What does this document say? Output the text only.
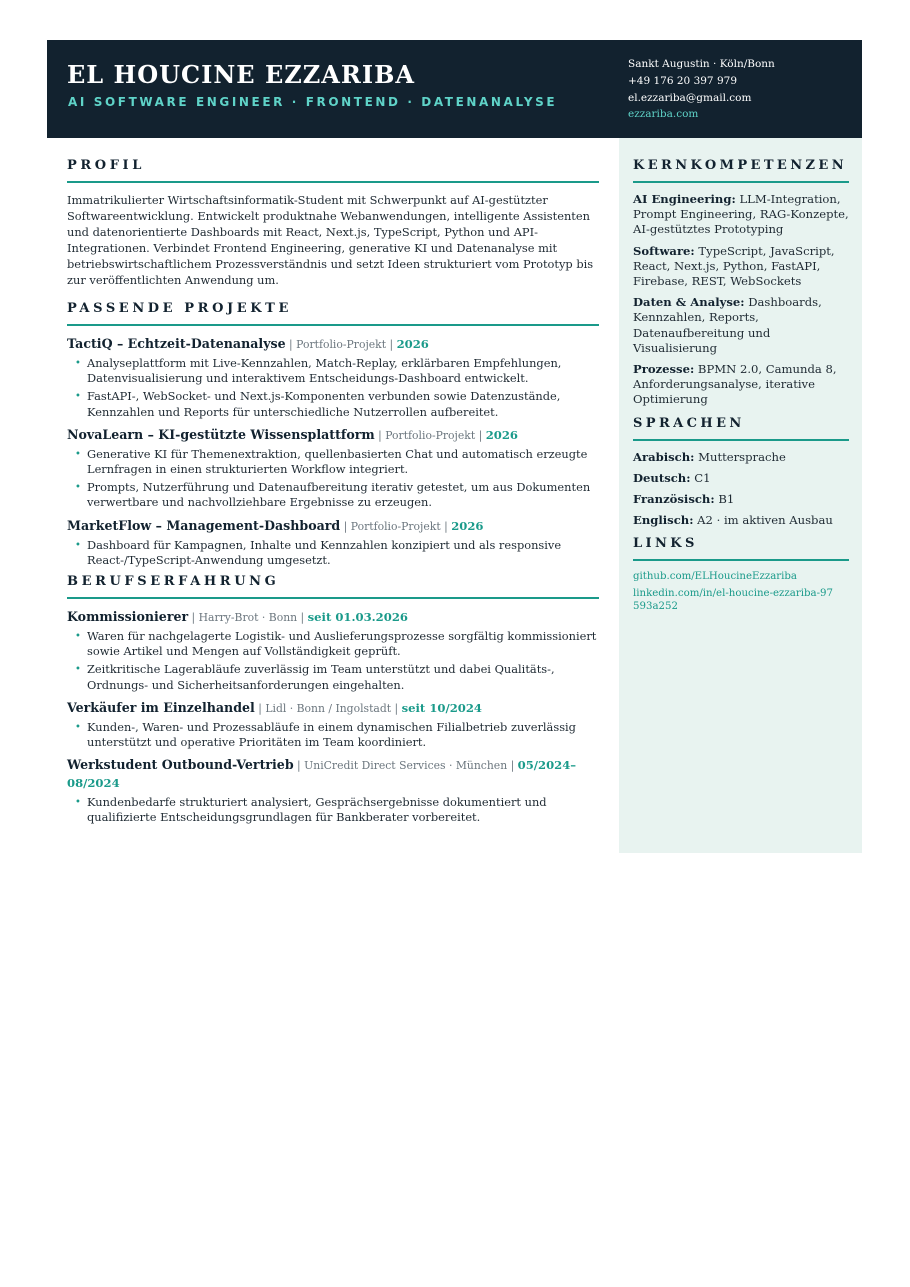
EL HOUCINE EZZARIBA
AI SOFTWARE ENGINEER · FRONTEND · DATENANALYSE
Sankt Augustin · Köln/Bonn
+49 176 20 397 979
el.ezzariba@gmail.com
ezzariba.com
PROFIL
Immatrikulierter Wirtschaftsinformatik-Student mit Schwerpunkt auf AI-gestützter Softwareentwicklung. Entwickelt produktnahe Webanwendungen, intelligente Assistenten und datenorientierte Dashboards mit React, Next.js, TypeScript, Python und API-Integrationen. Verbindet Frontend Engineering, generative KI und Datenanalyse mit betriebswirtschaftlichem Prozessverständnis und setzt Ideen strukturiert vom Prototyp bis zur veröffentlichten Anwendung um.
PASSENDE PROJEKTE
TactiQ – Echtzeit-Datenanalyse | Portfolio-Projekt | 2026
• Analyseplattform mit Live-Kennzahlen, Match-Replay, erklärbaren Empfehlungen, Datenvisualisierung und interaktivem Entscheidungs-Dashboard entwickelt.
• FastAPI-, WebSocket- und Next.js-Komponenten verbunden sowie Datenzustände, Kennzahlen und Reports für unterschiedliche Nutzerrollen aufbereitet.
NovaLearn – KI-gestützte Wissensplattform | Portfolio-Projekt | 2026
• Generative KI für Themenextraktion, quellenbasierten Chat und automatisch erzeugte Lernfragen in einen strukturierten Workflow integriert.
• Prompts, Nutzerführung und Datenaufbereitung iterativ getestet, um aus Dokumenten verwertbare und nachvollziehbare Ergebnisse zu erzeugen.
MarketFlow – Management-Dashboard | Portfolio-Projekt | 2026
• Dashboard für Kampagnen, Inhalte und Kennzahlen konzipiert und als responsive React-/TypeScript-Anwendung umgesetzt.
BERUFSERFAHRUNG
Kommissionierer | Harry-Brot · Bonn | seit 01.03.2026
• Waren für nachgelagerte Logistik- und Auslieferungsprozesse sorgfältig kommissioniert sowie Artikel und Mengen auf Vollständigkeit geprüft.
• Zeitkritische Lagerabläufe zuverlässig im Team unterstützt und dabei Qualitäts-, Ordnungs- und Sicherheitsanforderungen eingehalten.
Verkäufer im Einzelhandel | Lidl · Bonn / Ingolstadt | seit 10/2024
• Kunden-, Waren- und Prozessabläufe in einem dynamischen Filialbetrieb zuverlässig unterstützt und operative Prioritäten im Team koordiniert.
Werkstudent Outbound-Vertrieb | UniCredit Direct Services · München | 05/2024–08/2024
• Kundenbedarfe strukturiert analysiert, Gesprächsergebnisse dokumentiert und qualifizierte Entscheidungsgrundlagen für Bankberater vorbereitet.
KERNKOMPETENZEN
AI Engineering: LLM-Integration, Prompt Engineering, RAG-Konzepte, AI-gestütztes Prototyping
Software: TypeScript, JavaScript, React, Next.js, Python, FastAPI, Firebase, REST, WebSockets
Daten & Analyse: Dashboards, Kennzahlen, Reports, Datenaufbereitung und Visualisierung
Prozesse: BPMN 2.0, Camunda 8, Anforderungsanalyse, iterative Optimierung
SPRACHEN
Arabisch: Muttersprache
Deutsch: C1
Französisch: B1
Englisch: A2 · im aktiven Ausbau
LINKS
github.com/ELHoucineEzzariba
linkedin.com/in/el-houcine-ezzariba-97 593a252
